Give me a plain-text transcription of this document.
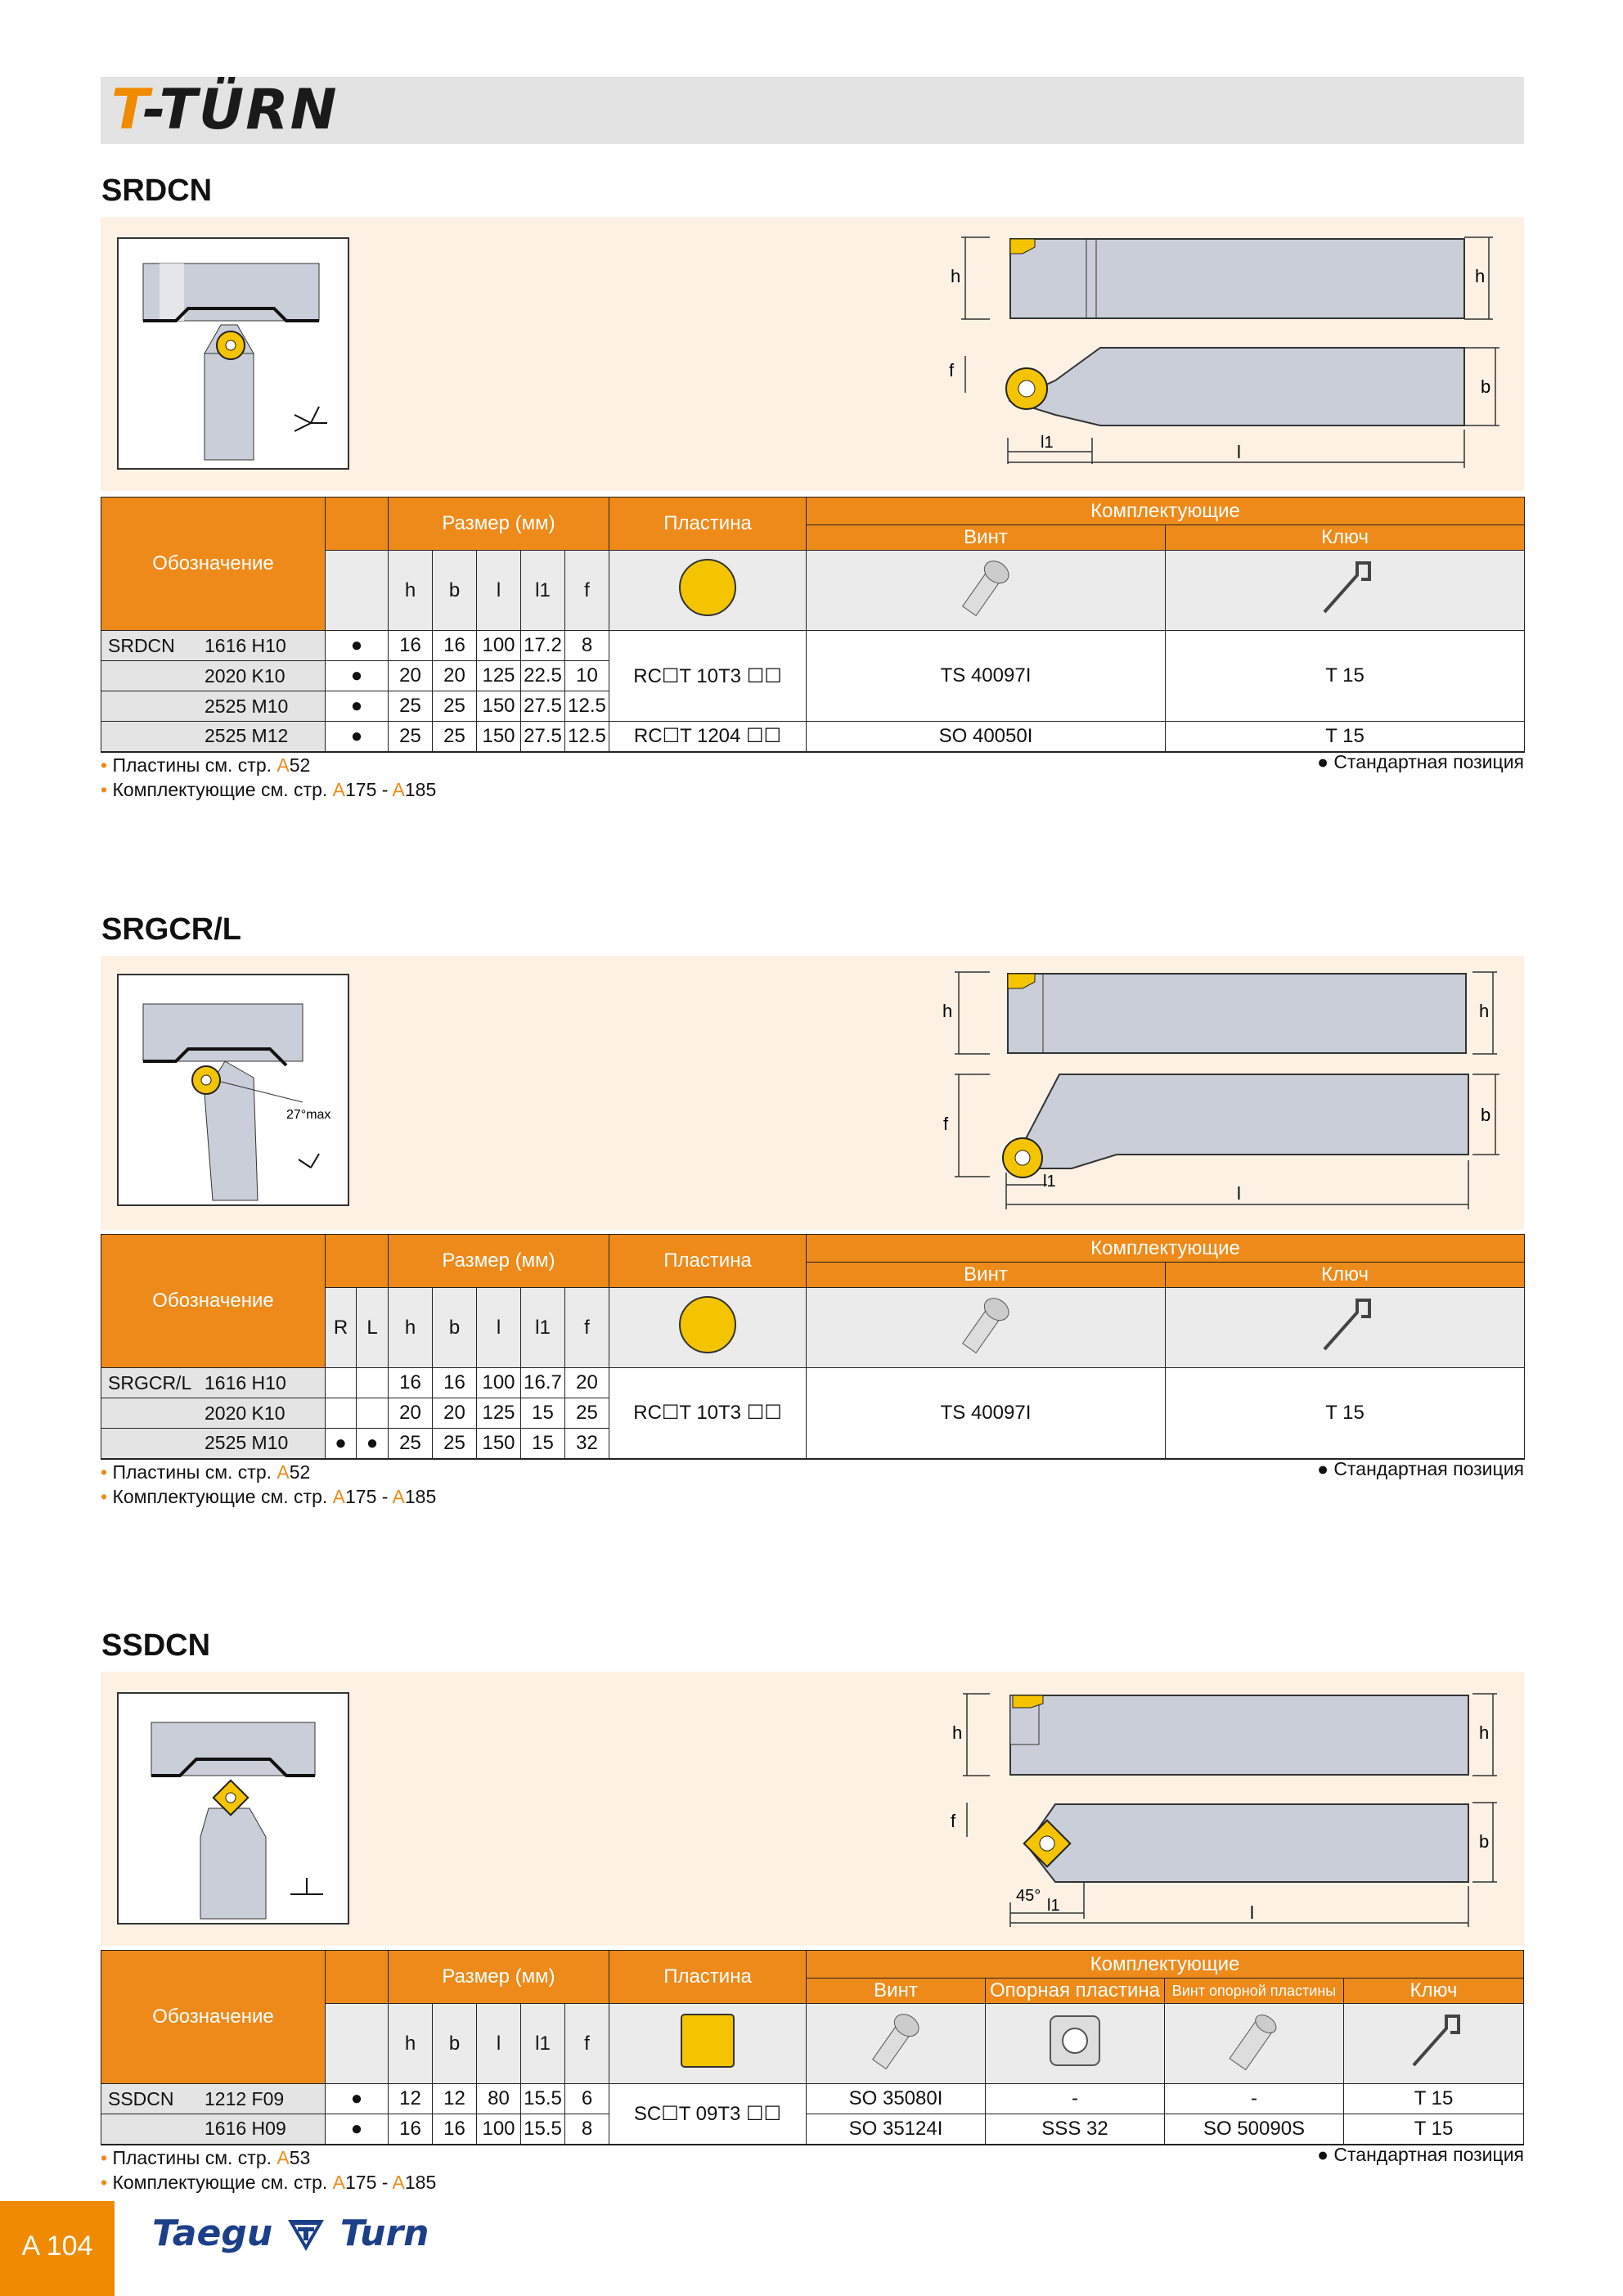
T-TÜRN
SRDCN
h	h
f
b
l1	l
Обозначение		Размер (мм)					Пластина	Комплектующие	
								Винт	Ключ
		h	b	l	l1	f			
SRDCN 1616 H10	●	16	16	100	17.2	8	RC☐T 10T3 ☐☐	TS 40097I	T 15
2020 K10	●	20	20	125	22.5	10			
2525 M10	●	25	25	150	27.5	12.5			
2525 M12	●	25	25	150	27.5	12.5	RC☐T 1204 ☐☐	SO 40050I	T 15
• Пластины см. стр. A52
• Комплектующие см. стр. A175 - A185
● Стандартная позиция
SRGCR/L
27°max
h	h
f	b
l1
l
Обозначение			Размер (мм)					Пластина	Комплектующие	
									Винт	Ключ
	R	L	h	b	l	l1	f			
SRGCR/L 1616 H10			16	16	100	16.7	20	RC☐T 10T3 ☐☐	TS 40097I	T 15
2020 K10			20	20	125	15	25			
2525 M10	●	●	25	25	150	15	32			
• Пластины см. стр. A52
• Комплектующие см. стр. A175 - A185
● Стандартная позиция
SSDCN
h	h
f
b
45°
l1	l
Обозначение		Размер (мм)					Пластина	Комплектующие			
								Винт	Опорная пластина	Винт опорной пластины	Ключ
		h	b	l	l1	f					
SSDCN 1212 F09	●	12	12	80	15.5	6	SC☐T 09T3 ☐☐	SO 35080I	-	-	T 15
1616 H09	●	16	16	100	15.5	8		SO 35124I	SSS 32	SO 50090S	T 15
• Пластины см. стр. A53
• Комплектующие см. стр. A175 - A185
● Стандартная позиция
A 104	Taegu Turn
